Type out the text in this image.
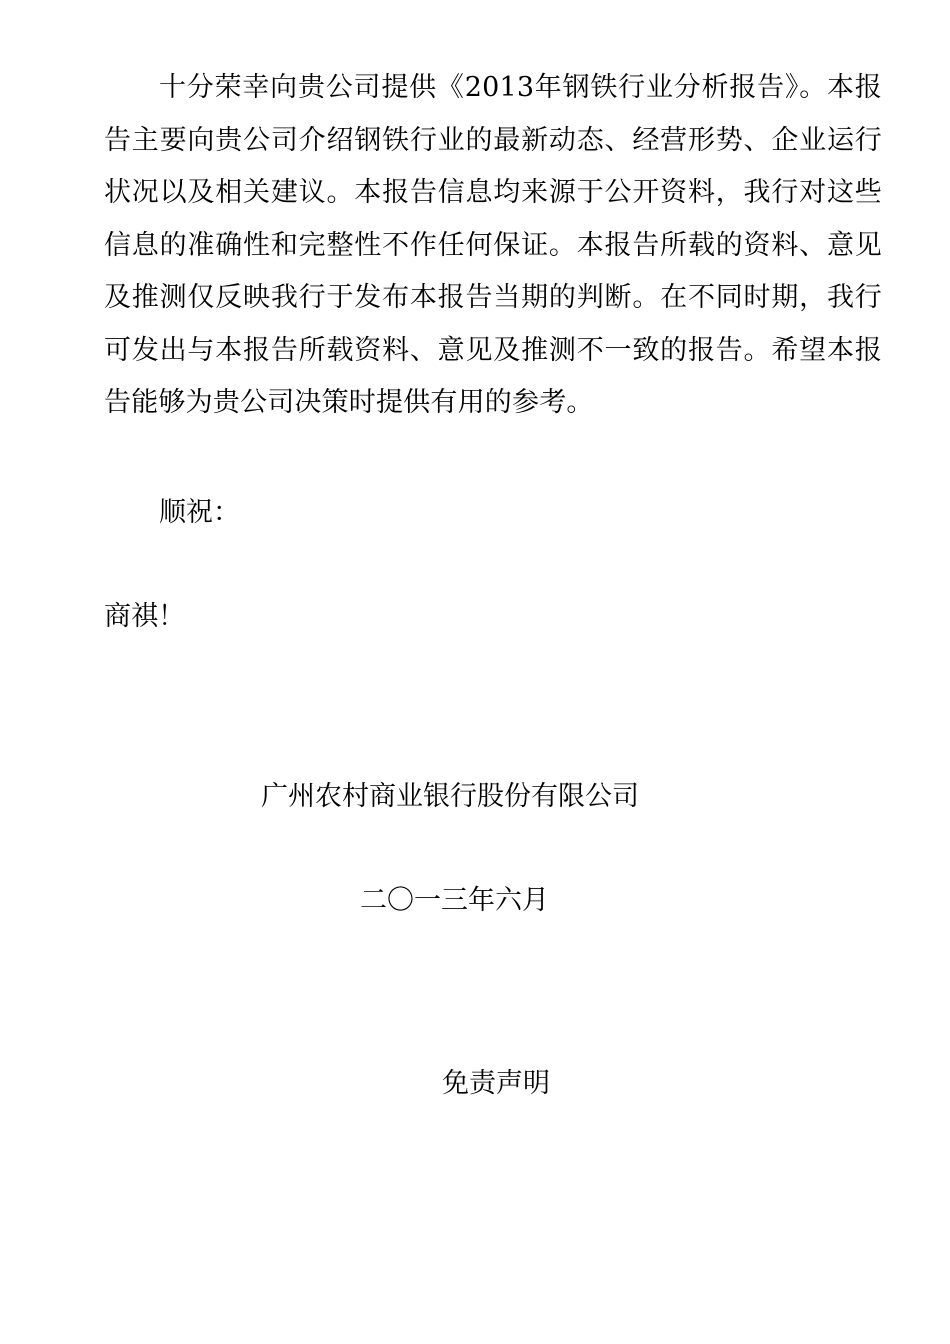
十分荣幸向贵公司提供《2013年钢铁行业分析报告》。本报告主要向贵公司介绍钢铁行业的最新动态、经营形势、企业运行状况以及相关建议。本报告信息均来源于公开资料，我行对这些信息的准确性和完整性不作任何保证。本报告所载的资料、意见及推测仅反映我行于发布本报告当期的判断。在不同时期，我行可发出与本报告所载资料、意见及推测不一致的报告。希望本报告能够为贵公司决策时提供有用的参考。

顺祝：

商祺！

广州农村商业银行股份有限公司

二〇一三年六月

免责声明
